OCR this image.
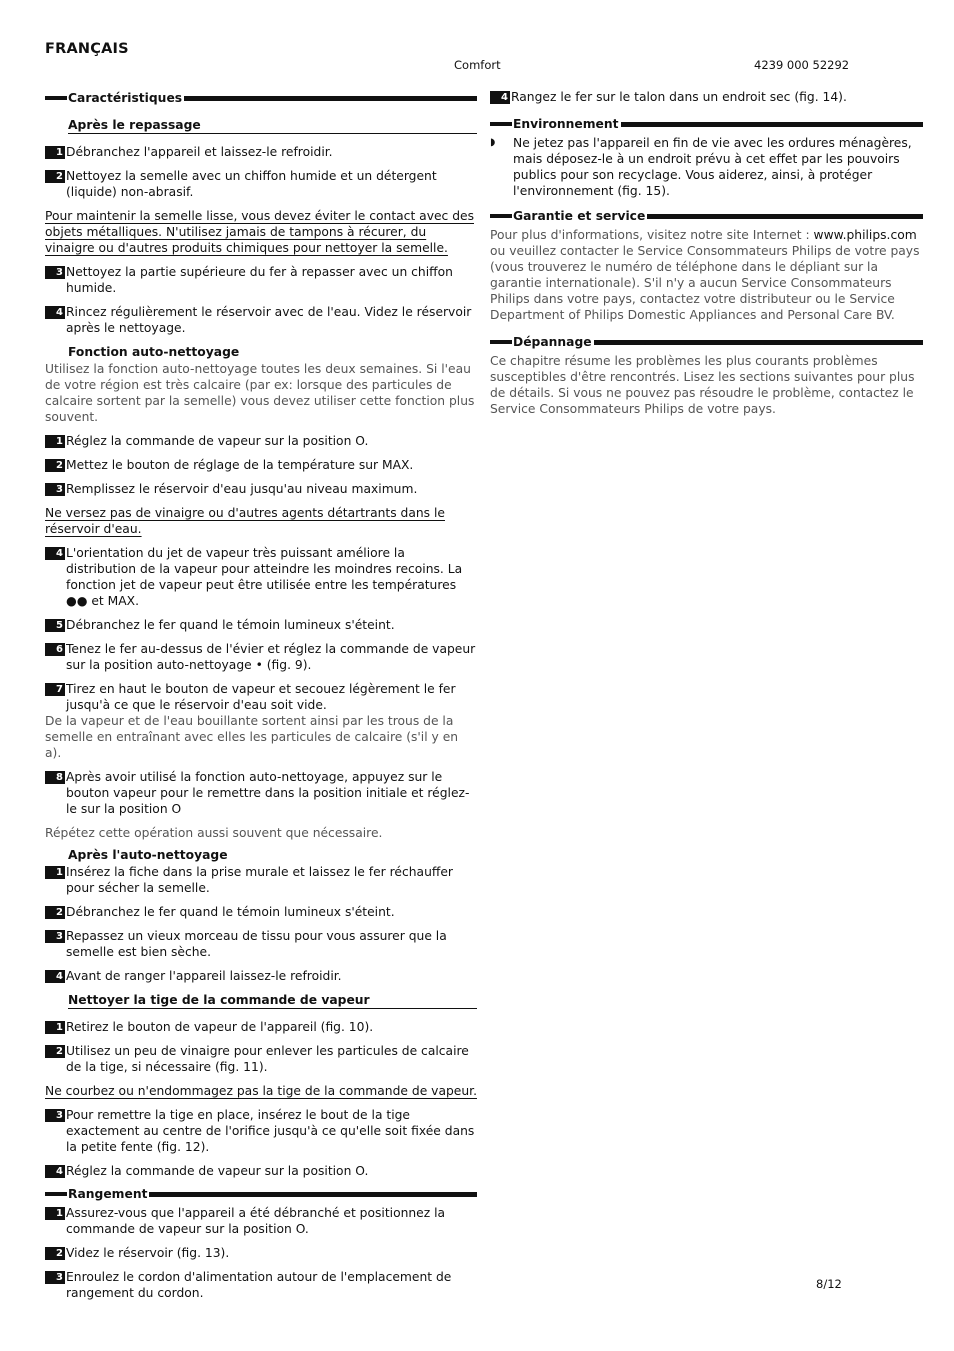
FRANÇAIS
Comfort	4239 000 52292
Caractéristiques
Après le repassage
1 Débranchez l'appareil et laissez-le refroidir.
2 Nettoyez la semelle avec un chiffon humide et un détergent (liquide) non-abrasif.
Pour maintenir la semelle lisse, vous devez éviter le contact avec des objets métalliques. N'utilisez jamais de tampons à récurer, du vinaigre ou d'autres produits chimiques pour nettoyer la semelle.
3 Nettoyez la partie supérieure du fer à repasser avec un chiffon humide.
4 Rincez régulièrement le réservoir avec de l'eau. Videz le réservoir après le nettoyage.
Fonction auto-nettoyage
Utilisez la fonction auto-nettoyage toutes les deux semaines. Si l'eau de votre région est très calcaire (par ex: lorsque des particules de calcaire sortent par la semelle) vous devez utiliser cette fonction plus souvent.
1 Réglez la commande de vapeur sur la position O.
2 Mettez le bouton de réglage de la température sur MAX.
3 Remplissez le réservoir d'eau jusqu'au niveau maximum.
Ne versez pas de vinaigre ou d'autres agents détartrants dans le réservoir d'eau.
4 L'orientation du jet de vapeur très puissant améliore la distribution de la vapeur pour atteindre les moindres recoins. La fonction jet de vapeur peut être utilisée entre les températures ●● et MAX.
5 Débranchez le fer quand le témoin lumineux s'éteint.
6 Tenez le fer au-dessus de l'évier et réglez la commande de vapeur sur la position auto-nettoyage • (fig. 9).
7 Tirez en haut le bouton de vapeur et secouez légèrement le fer jusqu'à ce que le réservoir d'eau soit vide.
De la vapeur et de l'eau bouillante sortent ainsi par les trous de la semelle en entraînant avec elles les particules de calcaire (s'il y en a).
8 Après avoir utilisé la fonction auto-nettoyage, appuyez sur le bouton vapeur pour le remettre dans la position initiale et réglez-le sur la position O
Répétez cette opération aussi souvent que nécessaire.
Après l'auto-nettoyage
1 Insérez la fiche dans la prise murale et laissez le fer réchauffer pour sécher la semelle.
2 Débranchez le fer quand le témoin lumineux s'éteint.
3 Repassez un vieux morceau de tissu pour vous assurer que la semelle est bien sèche.
4 Avant de ranger l'appareil laissez-le refroidir.
Nettoyer la tige de la commande de vapeur
1 Retirez le bouton de vapeur de l'appareil (fig. 10).
2 Utilisez un peu de vinaigre pour enlever les particules de calcaire de la tige, si nécessaire (fig. 11).
Ne courbez ou n'endommagez pas la tige de la commande de vapeur.
3 Pour remettre la tige en place, insérez le bout de la tige exactement au centre de l'orifice jusqu'à ce qu'elle soit fixée dans la petite fente (fig. 12).
4 Réglez la commande de vapeur sur la position O.
Rangement
1 Assurez-vous que l'appareil a été débranché et positionnez la commande de vapeur sur la position O.
2 Videz le réservoir (fig. 13).
3 Enroulez le cordon d'alimentation autour de l'emplacement de rangement du cordon.
4 Rangez le fer sur le talon dans un endroit sec (fig. 14).
Environnement
◗	Ne jetez pas l'appareil en fin de vie avec les ordures ménagères, mais déposez-le à un endroit prévu à cet effet par les pouvoirs publics pour son recyclage. Vous aiderez, ainsi, à protéger l'environnement (fig. 15).
Garantie et service
Pour plus d'informations, visitez notre site Internet : www.philips.com ou veuillez contacter le Service Consommateurs Philips de votre pays (vous trouverez le numéro de téléphone dans le dépliant sur la garantie internationale). S'il n'y a aucun Service Consommateurs Philips dans votre pays, contactez votre distributeur ou le Service Department of Philips Domestic Appliances and Personal Care BV.
Dépannage
Ce chapitre résume les problèmes les plus courants problèmes susceptibles d'être rencontrés. Lisez les sections suivantes pour plus de détails. Si vous ne pouvez pas résoudre le problème, contactez le Service Consommateurs Philips de votre pays.
8/12
